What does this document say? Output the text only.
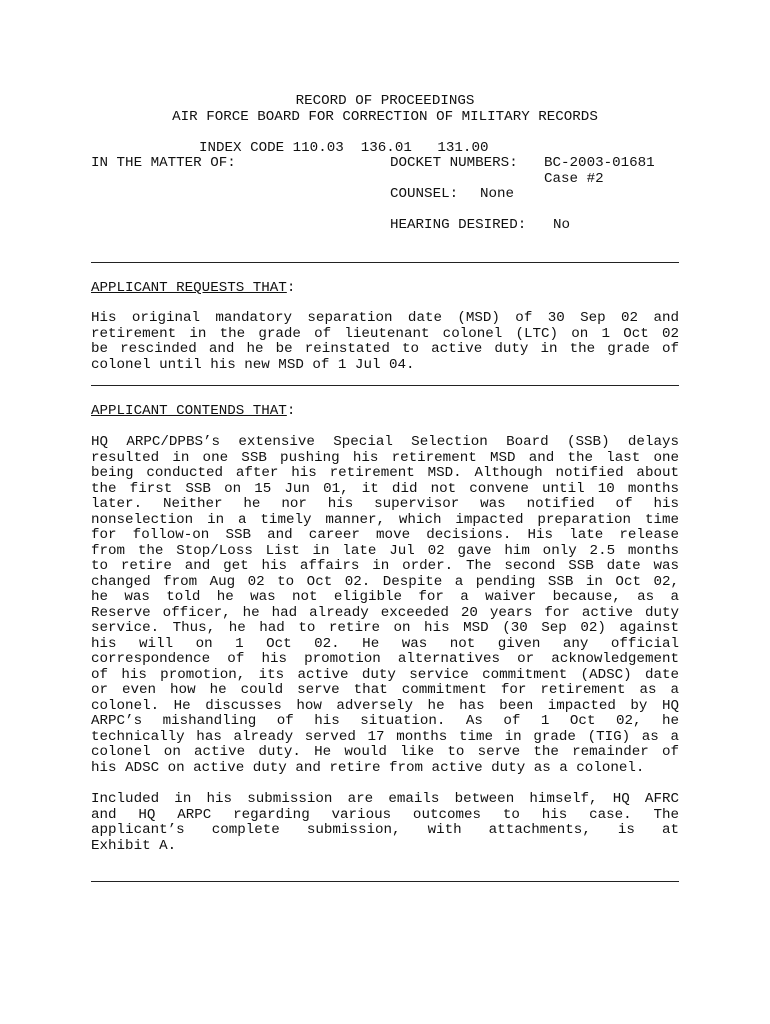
RECORD OF PROCEEDINGS
AIR FORCE BOARD FOR CORRECTION OF MILITARY RECORDS
INDEX CODE 110.03  136.01   131.00
IN THE MATTER OF:	DOCKET NUMBERS: BC-2003-01681
Case #2
COUNSEL: None
HEARING DESIRED: No
APPLICANT REQUESTS THAT:
His original mandatory separation date (MSD) of 30 Sep 02 and
retirement in the grade of lieutenant colonel (LTC) on 1 Oct 02
be rescinded and he be reinstated to active duty in the grade of
colonel until his new MSD of 1 Jul 04.
APPLICANT CONTENDS THAT:
HQ ARPC/DPBS’s extensive Special Selection Board (SSB) delays
resulted in one SSB pushing his retirement MSD and the last one
being conducted after his retirement MSD. Although notified about
the first SSB on 15 Jun 01, it did not convene until 10 months
later. Neither he nor his supervisor was notified of his
nonselection in a timely manner, which impacted preparation time
for follow-on SSB and career move decisions. His late release
from the Stop/Loss List in late Jul 02 gave him only 2.5 months
to retire and get his affairs in order. The second SSB date was
changed from Aug 02 to Oct 02. Despite a pending SSB in Oct 02,
he was told he was not eligible for a waiver because, as a
Reserve officer, he had already exceeded 20 years for active duty
service. Thus, he had to retire on his MSD (30 Sep 02) against
his will on 1 Oct 02. He was not given any official
correspondence of his promotion alternatives or acknowledgement
of his promotion, its active duty service commitment (ADSC) date
or even how he could serve that commitment for retirement as a
colonel. He discusses how adversely he has been impacted by HQ
ARPC’s mishandling of his situation. As of 1 Oct 02, he
technically has already served 17 months time in grade (TIG) as a
colonel on active duty. He would like to serve the remainder of
his ADSC on active duty and retire from active duty as a colonel.
Included in his submission are emails between himself, HQ AFRC
and HQ ARPC regarding various outcomes to his case. The
applicant’s complete submission, with attachments, is at
Exhibit A.
